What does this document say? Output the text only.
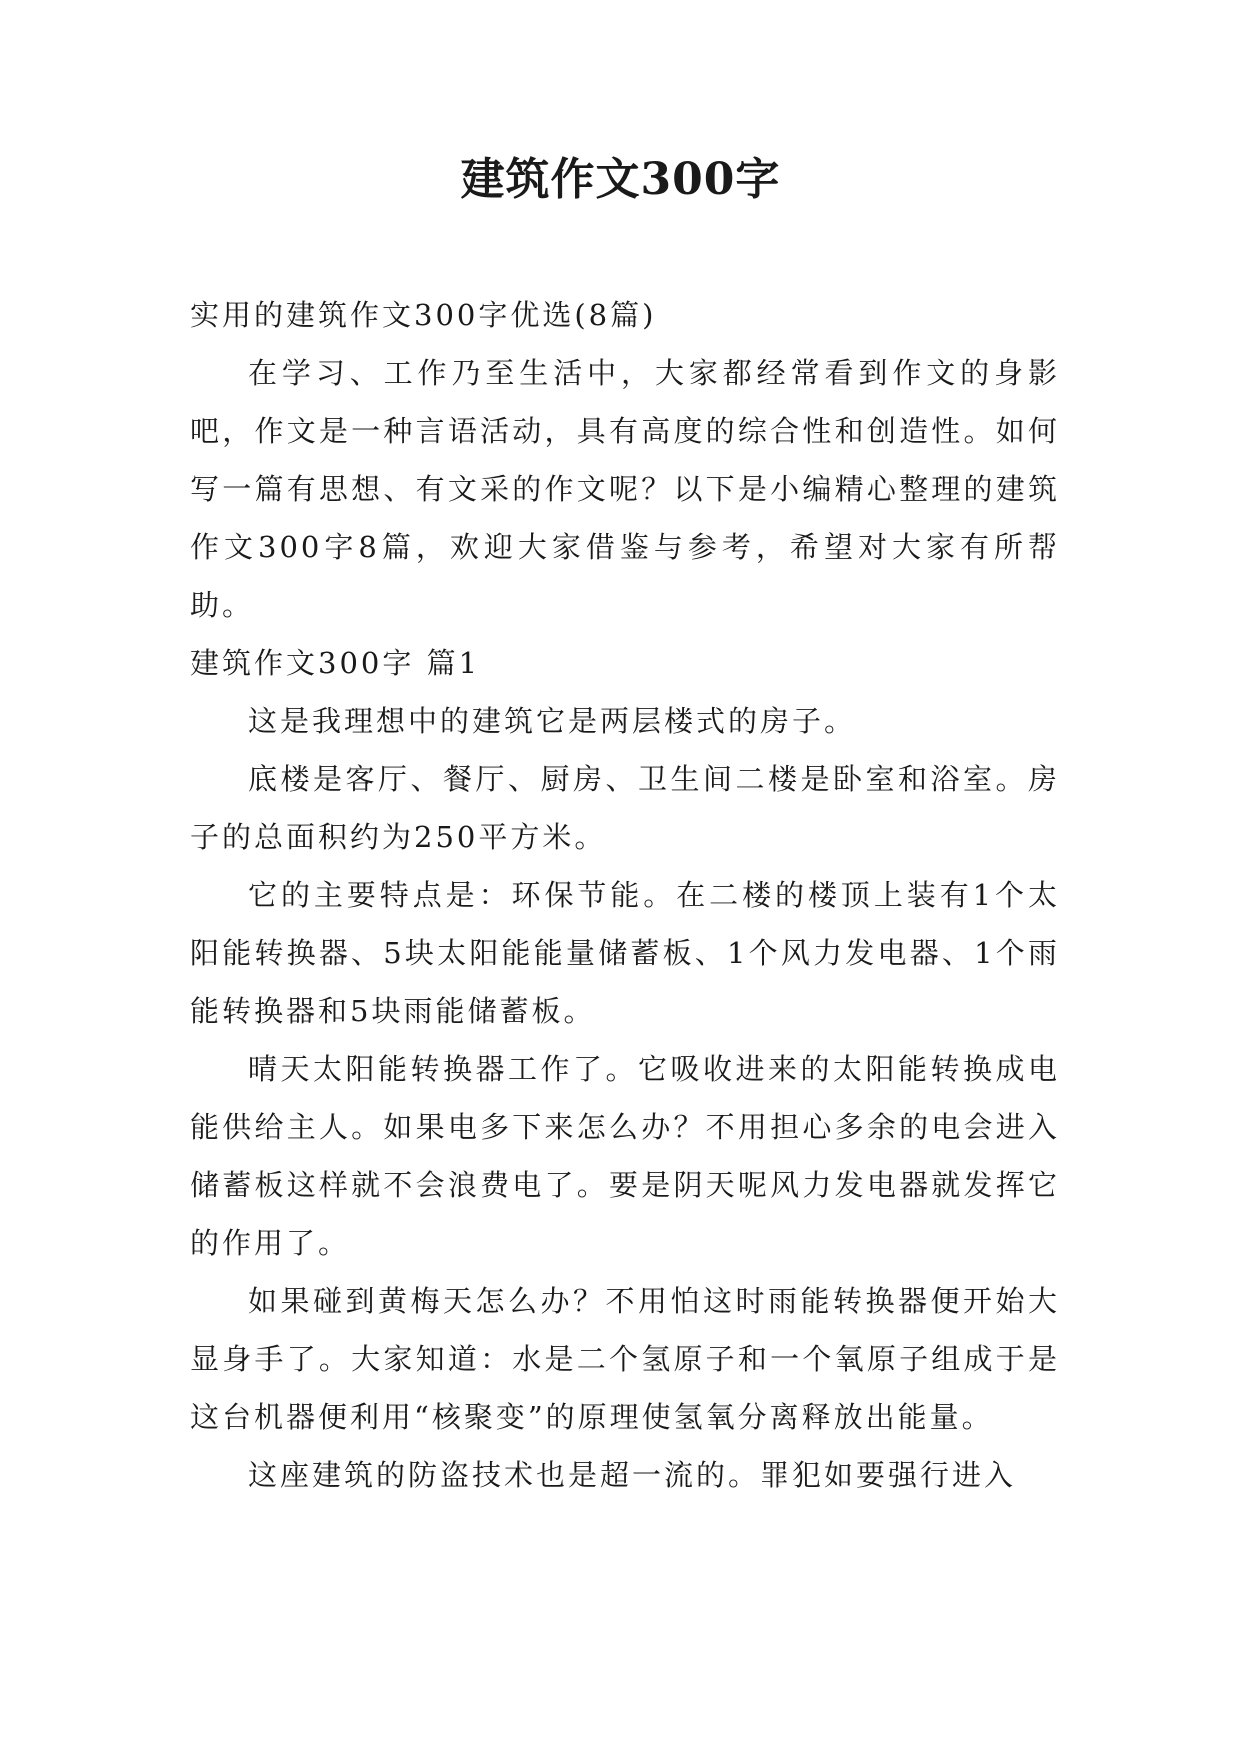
建筑作文300字

实用的建筑作文300字优选(8篇)

在学习、工作乃至生活中，大家都经常看到作文的身影吧，作文是一种言语活动，具有高度的综合性和创造性。如何写一篇有思想、有文采的作文呢？以下是小编精心整理的建筑作文300字8篇，欢迎大家借鉴与参考，希望对大家有所帮助。

建筑作文300字 篇1

这是我理想中的建筑它是两层楼式的房子。

底楼是客厅、餐厅、厨房、卫生间二楼是卧室和浴室。房子的总面积约为250平方米。

它的主要特点是：环保节能。在二楼的楼顶上装有1个太阳能转换器、5块太阳能能量储蓄板、1个风力发电器、1个雨能转换器和5块雨能储蓄板。

晴天太阳能转换器工作了。它吸收进来的太阳能转换成电能供给主人。如果电多下来怎么办？不用担心多余的电会进入储蓄板这样就不会浪费电了。要是阴天呢风力发电器就发挥它的作用了。

如果碰到黄梅天怎么办？不用怕这时雨能转换器便开始大显身手了。大家知道：水是二个氢原子和一个氧原子组成于是这台机器便利用“核聚变”的原理使氢氧分离释放出能量。

这座建筑的防盗技术也是超一流的。罪犯如要强行进入
